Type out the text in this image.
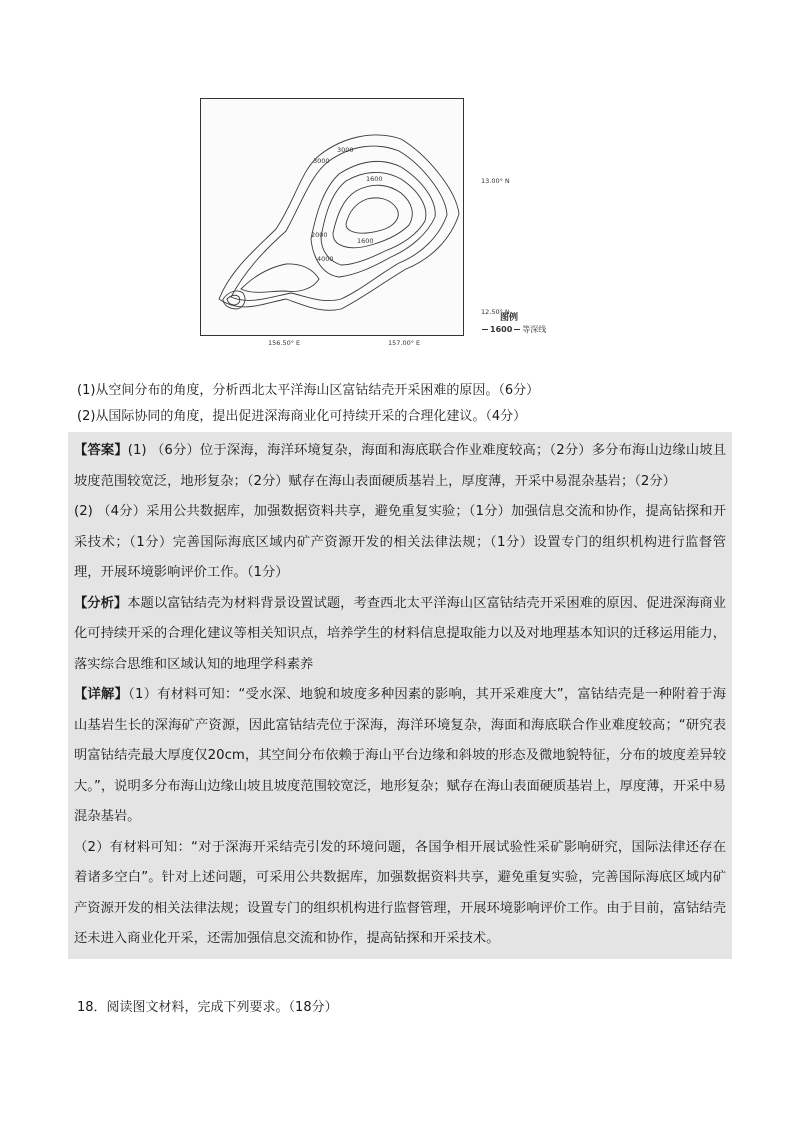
3000
3000
1600
2000
1600
4000
13.00° N
12.50° N
156.50° E	157.00° E
图例
1600 等深线

(1)从空间分布的角度，分析西北太平洋海山区富钴结壳开采困难的原因。（6分）

(2)从国际协同的角度，提出促进深海商业化可持续开采的合理化建议。（4分）

【答案】(1) （6分）位于深海，海洋环境复杂，海面和海底联合作业难度较高；（2分）多分布海山边缘山坡且坡度范围较宽泛，地形复杂；（2分）赋存在海山表面硬质基岩上，厚度薄，开采中易混杂基岩；（2分）

(2) （4分）采用公共数据库，加强数据资料共享，避免重复实验；（1分）加强信息交流和协作，提高钻探和开采技术；（1分）完善国际海底区域内矿产资源开发的相关法律法规；（1分）设置专门的组织机构进行监督管理，开展环境影响评价工作。（1分）

【分析】本题以富钴结壳为材料背景设置试题，考查西北太平洋海山区富钴结壳开采困难的原因、促进深海商业化可持续开采的合理化建议等相关知识点，培养学生的材料信息提取能力以及对地理基本知识的迁移运用能力，落实综合思维和区域认知的地理学科素养

【详解】（1）有材料可知：“受水深、地貌和坡度多种因素的影响，其开采难度大”，富钴结壳是一种附着于海山基岩生长的深海矿产资源，因此富钴结壳位于深海，海洋环境复杂，海面和海底联合作业难度较高；“研究表明富钴结壳最大厚度仅20cm，其空间分布依赖于海山平台边缘和斜坡的形态及微地貌特征，分布的坡度差异较大。”，说明多分布海山边缘山坡且坡度范围较宽泛，地形复杂；赋存在海山表面硬质基岩上，厚度薄，开采中易混杂基岩。

（2）有材料可知：“对于深海开采结壳引发的环境问题，各国争相开展试验性采矿影响研究，国际法律还存在着诸多空白”。针对上述问题，可采用公共数据库，加强数据资料共享，避免重复实验，完善国际海底区域内矿产资源开发的相关法律法规；设置专门的组织机构进行监督管理，开展环境影响评价工作。由于目前，富钴结壳还未进入商业化开采，还需加强信息交流和协作，提高钻探和开采技术。

18．阅读图文材料，完成下列要求。（18分）
